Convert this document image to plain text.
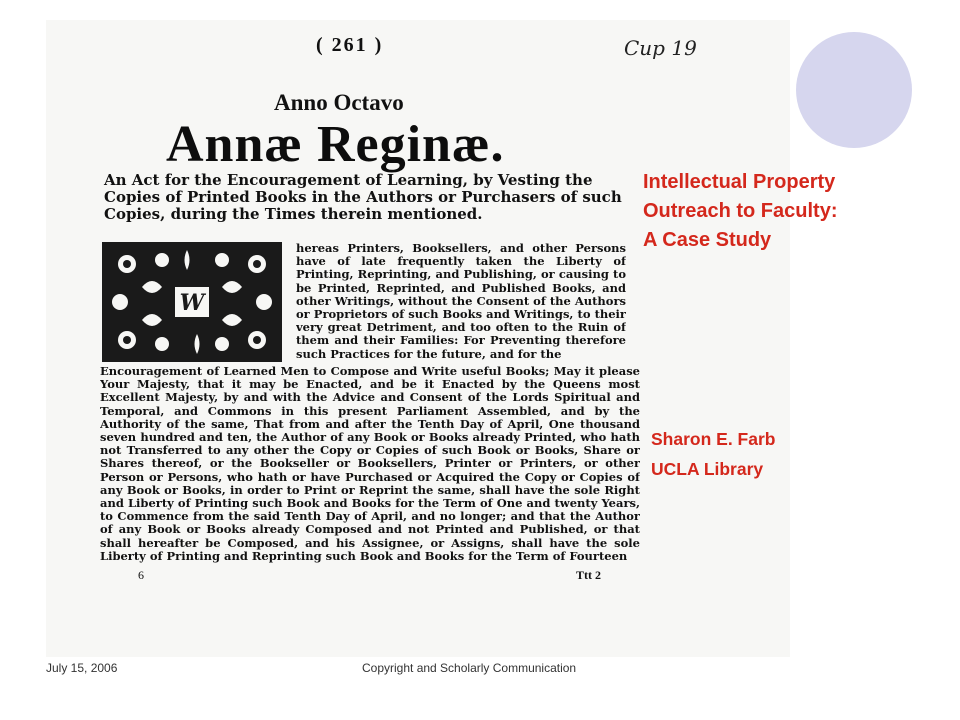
( 261 )	Cup 19
Anno Octavo
Annæ Reginæ.
An Act for the Encouragement of Learning, by Vesting the Copies of Printed Books in the Authors or Purchasers of such Copies, during the Times therein mentioned.
W
hereas Printers, Booksellers, and other Persons have of late frequently taken the Liberty of Printing, Reprinting, and Publishing, or causing to be Printed, Reprinted, and Published Books, and other Writings, without the Consent of the Authors or Proprietors of such Books and Writings, to their very great Detriment, and too often to the Ruin of them and their Families: For Preventing therefore such Practices for the future, and for the
Encouragement of Learned Men to Compose and Write useful Books; May it please Your Majesty, that it may be Enacted, and be it Enacted by the Queens most Excellent Majesty, by and with the Advice and Consent of the Lords Spiritual and Temporal, and Commons in this present Parliament Assembled, and by the Authority of the same, That from and after the Tenth Day of April, One thousand seven hundred and ten, the Author of any Book or Books already Printed, who hath not Transferred to any other the Copy or Copies of such Book or Books, Share or Shares thereof, or the Bookseller or Booksellers, Printer or Printers, or other Person or Persons, who hath or have Purchased or Acquired the Copy or Copies of any Book or Books, in order to Print or Reprint the same, shall have the sole Right and Liberty of Printing such Book and Books for the Term of One and twenty Years, to Commence from the said Tenth Day of April, and no longer; and that the Author of any Book or Books already Composed and not Printed and Published, or that shall hereafter be Composed, and his Assignee, or Assigns, shall have the sole Liberty of Printing and Reprinting such Book and Books for the Term of Fourteen
6	Ttt 2
Intellectual Property
Outreach to Faculty:
A Case Study
Sharon E. Farb
UCLA Library
July 15, 2006	Copyright and Scholarly Communication
